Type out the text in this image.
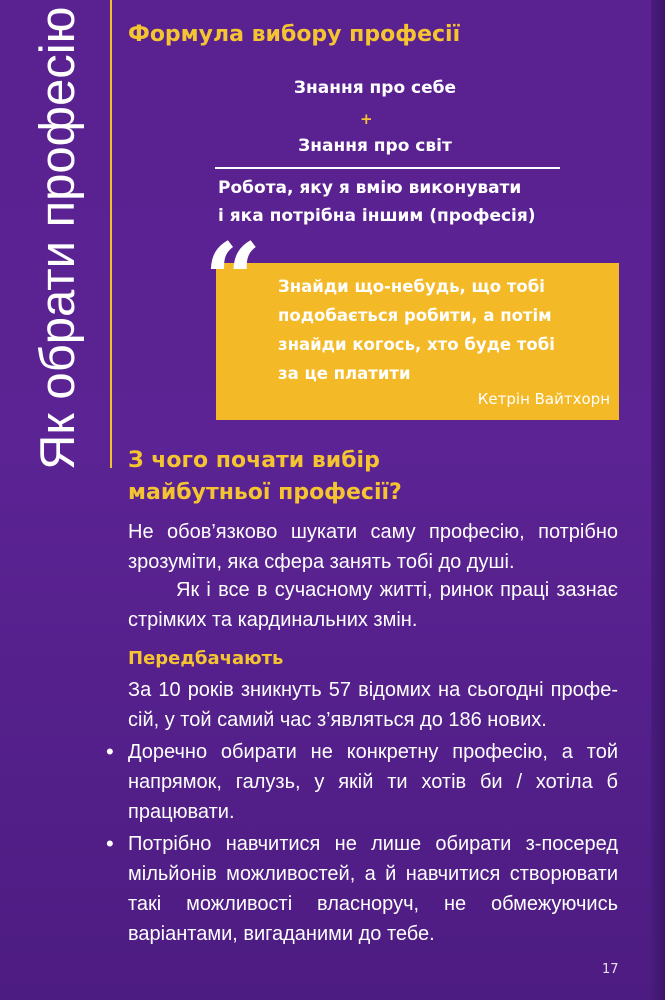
Як обрати професію Формула вибору професії
Знання про себе
+
Знання про світ
Робота, яку я вмію виконувати
і яка потрібна іншим (професія)
“ Знайди що-небудь, що тобі
подобається робити, а потім
знайди когось, хто буде тобі
за це платити
Кетрін Вайтхорн
З чого почати вибір
майбутньої професії?
Не обов’язково шукати саму професію, потрібно зрозуміти, яка сфера занять тобі до душі.
Як і все в сучасному житті, ринок праці зазнає стрімких та кардинальних змін.
Передбачають
За 10 років зникнуть 57 відомих на сьогодні професій, у той самий час з’являться до 186 нових.
• Доречно обирати не конкретну професію, а той напрямок, галузь, у якій ти хотів би / хотіла б працювати.
• Потрібно навчитися не лише обирати з-посеред мільйонів можливостей, а й навчитися створювати такі можливості власноруч, не обмежуючись варіантами, вигаданими до тебе.
17
